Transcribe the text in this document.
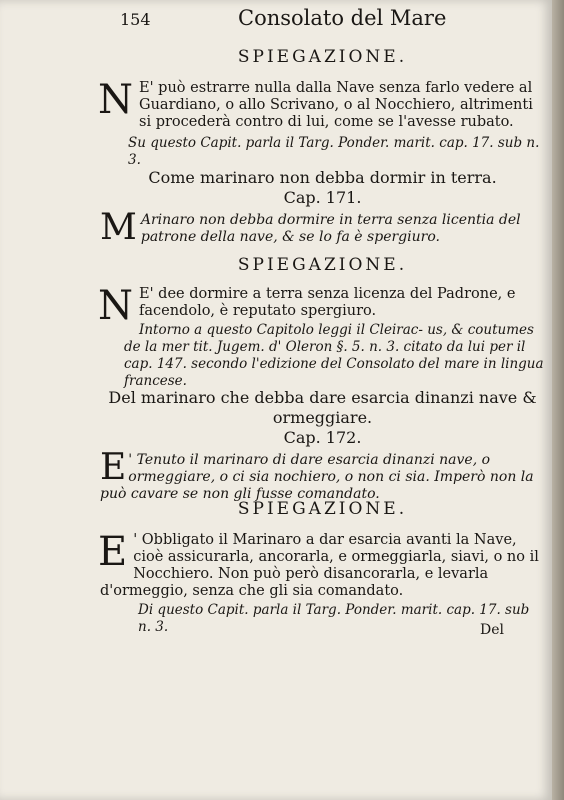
154	Consolato del Mare
SPIEGAZIONE.
N E' può estrarre nulla dalla Nave senza farlo vedere al Guardiano, o allo Scrivano, o al Nocchiero, altrimenti si procederà contro di lui, come se l'avesse rubato.
Su questo Capit. parla il Targ. Ponder. marit. cap. 17. sub n. 3.
Come marinaro non debba dormir in terra.
Cap. 171.
M Arinaro non debba dormire in terra senza licentia del patrone della nave, & se lo fa è spergiuro.
SPIEGAZIONE.
N E' dee dormire a terra senza licenza del Padrone, e facendolo, è reputato spergiuro.
Intorno a questo Capitolo leggi il Cleirac- us, & coutumes de la mer tit. Jugem. d' Oleron §. 5. n. 3. citato da lui per il cap. 147. secondo l'edizione del Consolato del mare in lingua francese.
Del marinaro che debba dare esarcia dinanzi nave & ormeggiare.
Cap. 172.
E ' Tenuto il marinaro di dare esarcia dinanzi nave, o ormeggiare, o ci sia nochiero, o non ci sia. Imperò non la può cavare se non gli fusse comandato.
SPIEGAZIONE.
E ' Obbligato il Marinaro a dar esarcia avanti la Nave, cioè assicurarla, ancorarla, e ormeggiarla, siavi, o no il Nocchiero. Non può però disancorarla, e levarla d'ormeggio, senza che gli sia comandato.
Di questo Capit. parla il Targ. Ponder. marit. cap. 17. sub n. 3.	Del
